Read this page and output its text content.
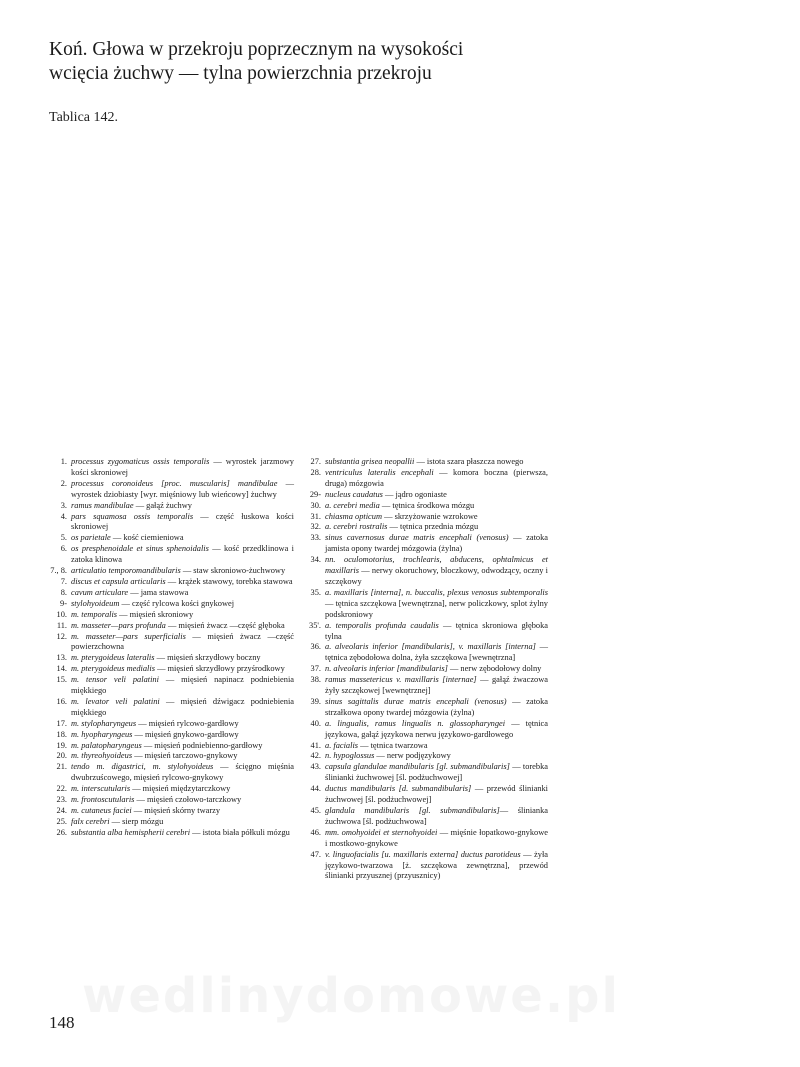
Koń. Głowa w przekroju poprzecznym na wysokości
wcięcia żuchwy — tylna powierzchnia przekroju
Tablica 142.
1. processus zygomaticus ossis temporalis — wyrostek jarzmowy kości skroniowej
2. processus coronoideus [proc. muscularis] mandibulae — wyrostek dziobiasty [wyr. mięśniowy lub wieńcowy] żuchwy
3. ramus mandibulae — gałąź żuchwy
4. pars squamosa ossis temporalis — część łuskowa kości skroniowej
5. os parietale — kość ciemieniowa
6. os presphenoidale et sinus sphenoidalis — kość przedklinowa i zatoka klinowa
7., 8. articulatio temporomandibularis — staw skroniowo-żuchwowy
7. discus et capsula articularis — krążek stawowy, torebka stawowa
8. cavum articulare — jama stawowa
9- stylohyoideum — część rylcowa kości gnykowej
10. m. temporalis — mięsień skroniowy
11. m. masseter—pars profunda — mięsień żwacz —część głęboka
12. m. masseter—pars superficialis — mięsień żwacz —część powierzchowna
13. m. pterygoideus lateralis — mięsień skrzydłowy boczny
14. m. pterygoideus medialis — mięsień skrzydłowy przyśrodkowy
15. m. tensor veli palatini — mięsień napinacz podniebienia miękkiego
16. m. levator veli palatini — mięsień dźwigacz podniebienia miękkiego
17. m. stylopharyngeus — mięsień rylcowo-gardłowy
18. m. hyopharyngeus — mięsień gnykowo-gardłowy
19. m. palatopharyngeus — mięsień podniebienno-gardłowy
20. m. thyreohyoideus — mięsień tarczowo-gnykowy
21. tendo m. digastrici, m. stylohyoideus — ścięgno mięśnia dwubrzuścowego, mięsień rylcowo-gnykowy
22. m. interscutularis — mięsień międzytarczkowy
23. m. frontoscutularis — mięsień czołowo-tarczkowy
24. m. cutaneus faciei — mięsień skórny twarzy
25. falx cerebri — sierp mózgu
26. substantia alba hemispherii cerebri — istota biała półkuli mózgu
27. substantia grisea neopallii — istota szara płaszcza nowego
28. ventriculus lateralis encephali — komora boczna (pierwsza, druga) mózgowia
29- nucleus caudatus — jądro ogoniaste
30. a. cerebri media — tętnica środkowa mózgu
31. chiasma opticum — skrzyżowanie wzrokowe
32. a. cerebri rostralis — tętnica przednia mózgu
33. sinus cavernosus durae matris encephali (venosus) — zatoka jamista opony twardej mózgowia (żylna)
34. nn. oculomotorius, trochlearis, abducens, ophtalmicus et maxillaris — nerwy okoruchowy, bloczkowy, odwodzący, oczny i szczękowy
35. a. maxillaris [interna], n. buccalis, plexus venosus subtemporalis — tętnica szczękowa [wewnętrzna], nerw policzkowy, splot żylny podskroniowy
35'. a. temporalis profunda caudalis — tętnica skroniowa głęboka tylna
36. a. alveolaris inferior [mandibularis], v. maxillaris [interna] — tętnica zębodołowa dolna, żyła szczękowa [wewnętrzna]
37. n. alveolaris inferior [mandibularis] — nerw zębodołowy dolny
38. ramus massetericus v. maxillaris [internae] — gałąź żwaczowa żyły szczękowej [wewnętrznej]
39. sinus sagittalis durae matris encephali (venosus) — zatoka strzałkowa opony twardej mózgowia (żylna)
40. a. lingualis, ramus lingualis n. glossopharyngei — tętnica językowa, gałąź językowa nerwu językowo-gardłowego
41. a. facialis — tętnica twarzowa
42. n. hypoglossus — nerw podjęzykowy
43. capsula glandulae mandibularis [gl. submandibularis] — torebka ślinianki żuchwowej [śl. podżuchwowej]
44. ductus mandibularis [d. submandibularis] — przewód ślinianki żuchwowej [śl. podżuchwowej]
45. glandula mandibularis [gl. submandibularis]— ślinianka żuchwowa [śl. podżuchwowa]
46. mm. omohyoidei et sternohyoidei — mięśnie łopatkowo-gnykowe i mostkowo-gnykowe
47. v. linguofacialis [u. maxillaris externa] ductus parotideus — żyła językowo-twarzowa [ż. szczękowa zewnętrzna], przewód ślinianki przyusznej (przyusznicy)
148
